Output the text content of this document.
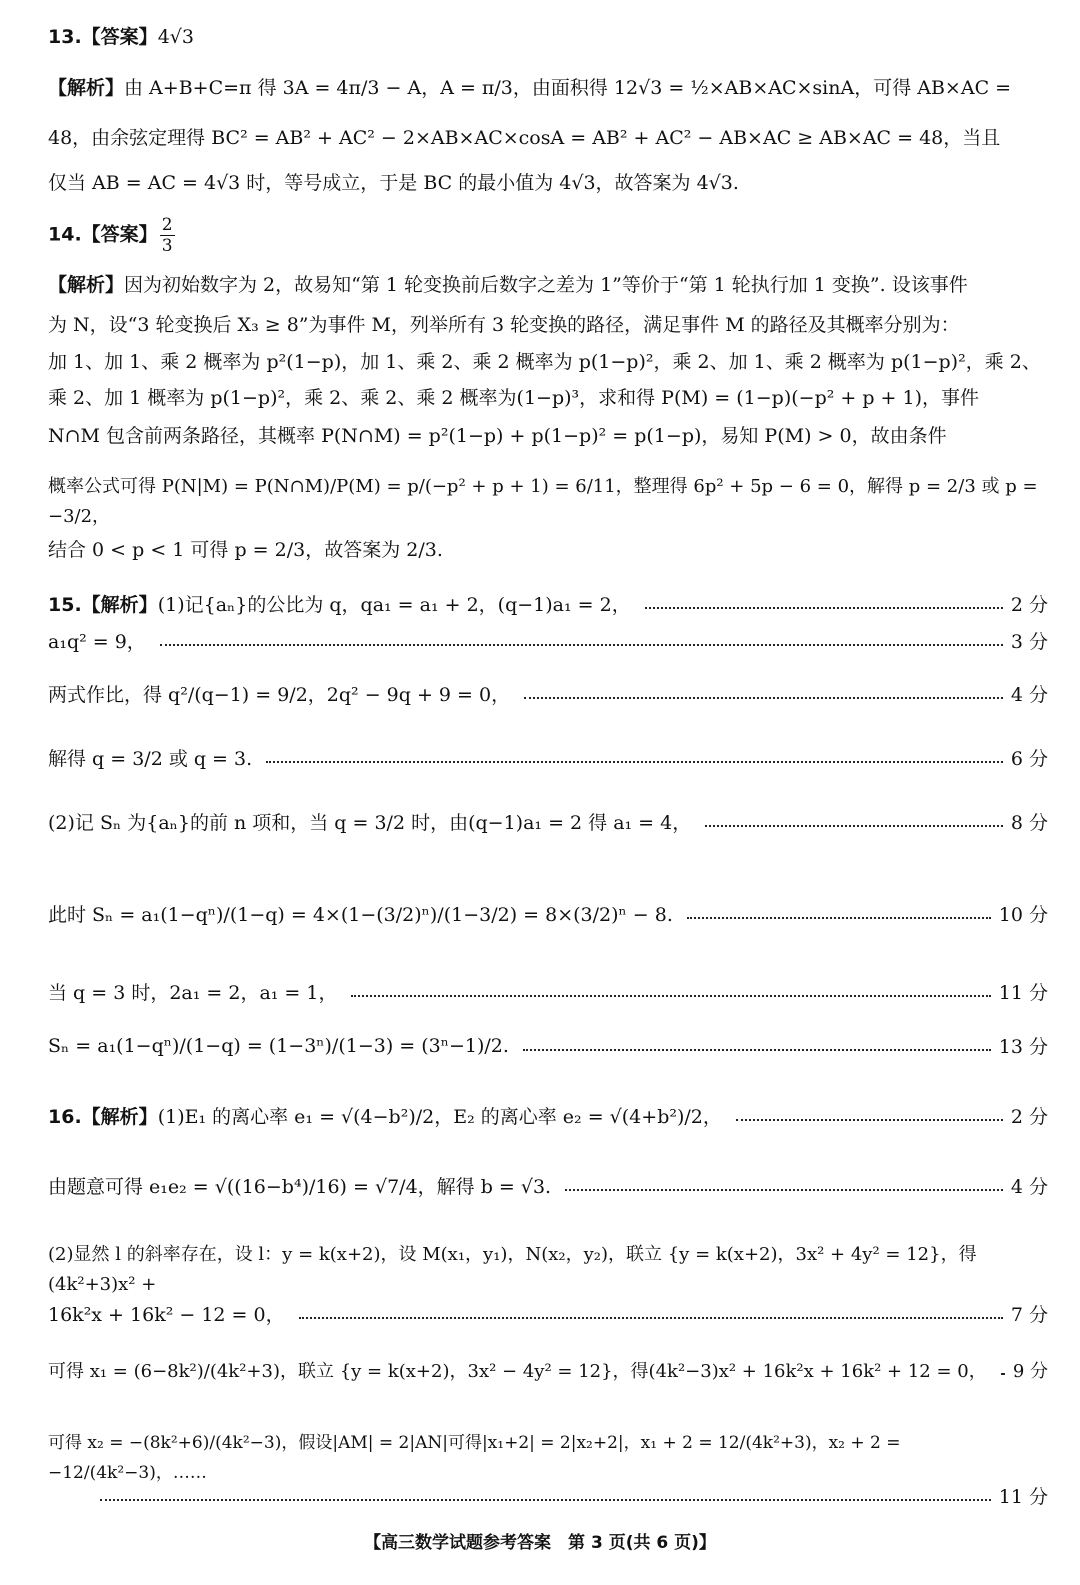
13.【答案】4√3
【解析】由 A+B+C=π 得 3A = 4π/3 − A，A = π/3，由面积得 12√3 = ½×AB×AC×sinA，可得 AB×AC =
48，由余弦定理得 BC² = AB² + AC² − 2×AB×AC×cosA = AB² + AC² − AB×AC ≥ AB×AC = 48，当且
仅当 AB = AC = 4√3 时，等号成立，于是 BC 的最小值为 4√3，故答案为 4√3.
14.【答案】 $\frac{2}{3}$
【解析】因为初始数字为 2，故易知“第 1 轮变换前后数字之差为 1”等价于“第 1 轮执行加 1 变换”. 设该事件
为 N，设“3 轮变换后 X₃ ≥ 8”为事件 M，列举所有 3 轮变换的路径，满足事件 M 的路径及其概率分别为：
加 1、加 1、乘 2 概率为 p²(1−p)，加 1、乘 2、乘 2 概率为 p(1−p)²，乘 2、加 1、乘 2 概率为 p(1−p)²，乘 2、
乘 2、加 1 概率为 p(1−p)²，乘 2、乘 2、乘 2 概率为(1−p)³，求和得 P(M) = (1−p)(−p² + p + 1)，事件
N∩M 包含前两条路径，其概率 P(N∩M) = p²(1−p) + p(1−p)² = p(1−p)，易知 P(M) > 0，故由条件
概率公式可得 P(N|M) = P(N∩M)/P(M) = p/(−p² + p + 1) = 6/11，整理得 6p² + 5p − 6 = 0，解得 p = 2/3 或 p = −3/2，
结合 0 < p < 1 可得 p = 2/3，故答案为 2/3.
15.【解析】(1)记{aₙ}的公比为 q，qa₁ = a₁ + 2，(q−1)a₁ = 2，	2 分
a₁q² = 9，	3 分
两式作比，得 q²/(q−1) = 9/2，2q² − 9q + 9 = 0，	4 分
解得 q = 3/2 或 q = 3.	6 分
(2)记 Sₙ 为{aₙ}的前 n 项和，当 q = 3/2 时，由(q−1)a₁ = 2 得 a₁ = 4，	8 分
此时 Sₙ = a₁(1−qⁿ)/(1−q) = 4×(1−(3/2)ⁿ)/(1−3/2) = 8×(3/2)ⁿ − 8.	10 分
当 q = 3 时，2a₁ = 2，a₁ = 1，	11 分
Sₙ = a₁(1−qⁿ)/(1−q) = (1−3ⁿ)/(1−3) = (3ⁿ−1)/2.	13 分
16.【解析】(1)E₁ 的离心率 e₁ = √(4−b²)/2，E₂ 的离心率 e₂ = √(4+b²)/2，	2 分
由题意可得 e₁e₂ = √((16−b⁴)/16) = √7/4，解得 b = √3.	4 分
(2)显然 l 的斜率存在，设 l：y = k(x+2)，设 M(x₁，y₁)，N(x₂，y₂)，联立 {y = k(x+2)，3x² + 4y² = 12}，得(4k²+3)x² +
16k²x + 16k² − 12 = 0，	7 分
可得 x₁ = (6−8k²)/(4k²+3)，联立 {y = k(x+2)，3x² − 4y² = 12}，得(4k²−3)x² + 16k²x + 16k² + 12 = 0， 9 分
可得 x₂ = −(8k²+6)/(4k²−3)，假设|AM| = 2|AN|可得|x₁+2| = 2|x₂+2|，x₁ + 2 = 12/(4k²+3)，x₂ + 2 = −12/(4k²−3)，……
11 分
【高三数学试题参考答案　第 3 页(共 6 页)】
